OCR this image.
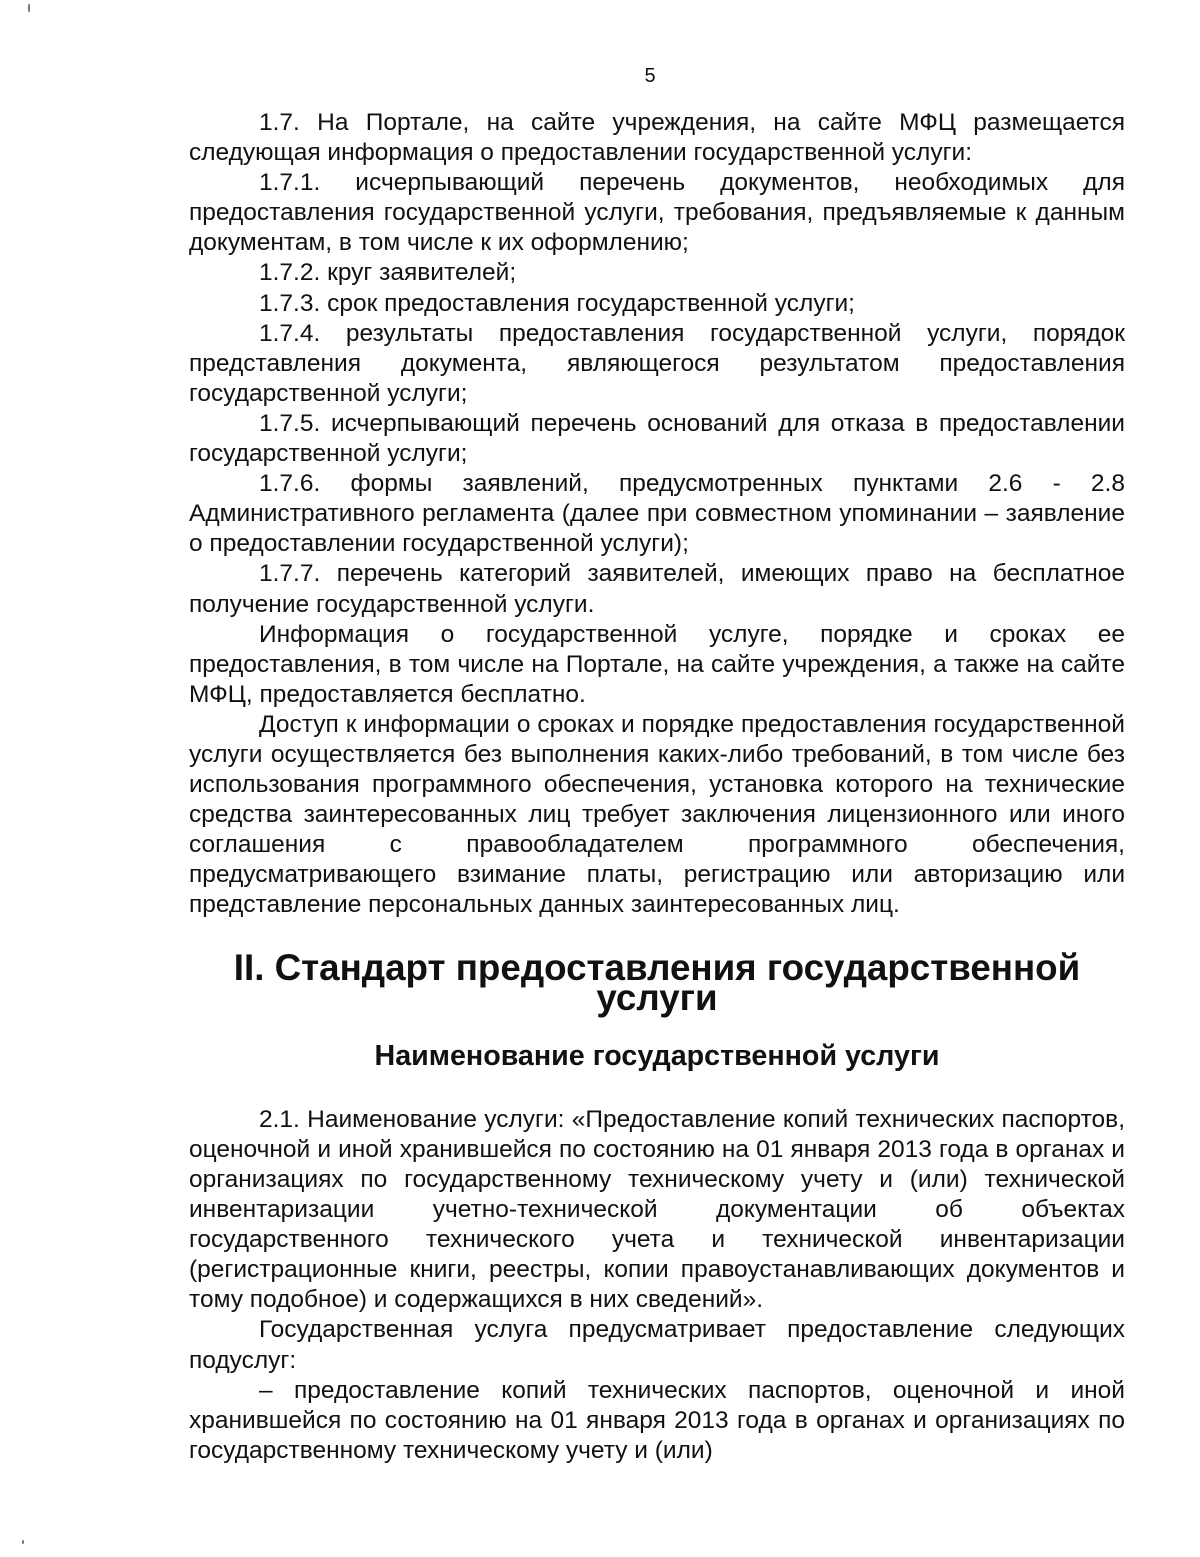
5

1.7. На Портале, на сайте учреждения, на сайте МФЦ размещается следующая информация о предоставлении государственной услуги:

1.7.1. исчерпывающий перечень документов, необходимых для предоставления государственной услуги, требования, предъявляемые к данным документам, в том числе к их оформлению;

1.7.2. круг заявителей;

1.7.3. срок предоставления государственной услуги;

1.7.4. результаты предоставления государственной услуги, порядок представления документа, являющегося результатом предоставления государственной услуги;

1.7.5. исчерпывающий перечень оснований для отказа в предоставлении государственной услуги;

1.7.6. формы заявлений, предусмотренных пунктами 2.6 - 2.8 Административного регламента (далее при совместном упоминании – заявление о предоставлении государственной услуги);

1.7.7. перечень категорий заявителей, имеющих право на бесплатное получение государственной услуги.

Информация о государственной услуге, порядке и сроках ее предоставления, в том числе на Портале, на сайте учреждения, а также на сайте МФЦ, предоставляется бесплатно.

Доступ к информации о сроках и порядке предоставления государственной услуги осуществляется без выполнения каких-либо требований, в том числе без использования программного обеспечения, установка которого на технические средства заинтересованных лиц требует заключения лицензионного или иного соглашения с правообладателем программного обеспечения, предусматривающего взимание платы, регистрацию или авторизацию или представление персональных данных заинтересованных лиц.

II. Стандарт предоставления государственной услуги
Наименование государственной услуги

2.1. Наименование услуги: «Предоставление копий технических паспортов, оценочной и иной хранившейся по состоянию на 01 января 2013 года в органах и организациях по государственному техническому учету и (или) технической инвентаризации учетно-технической документации об объектах государственного технического учета и технической инвентаризации (регистрационные книги, реестры, копии правоустанавливающих документов и тому подобное) и содержащихся в них сведений».

Государственная услуга предусматривает предоставление следующих подуслуг:

– предоставление копий технических паспортов, оценочной и иной хранившейся по состоянию на 01 января 2013 года в органах и организациях по государственному техническому учету и (или)
